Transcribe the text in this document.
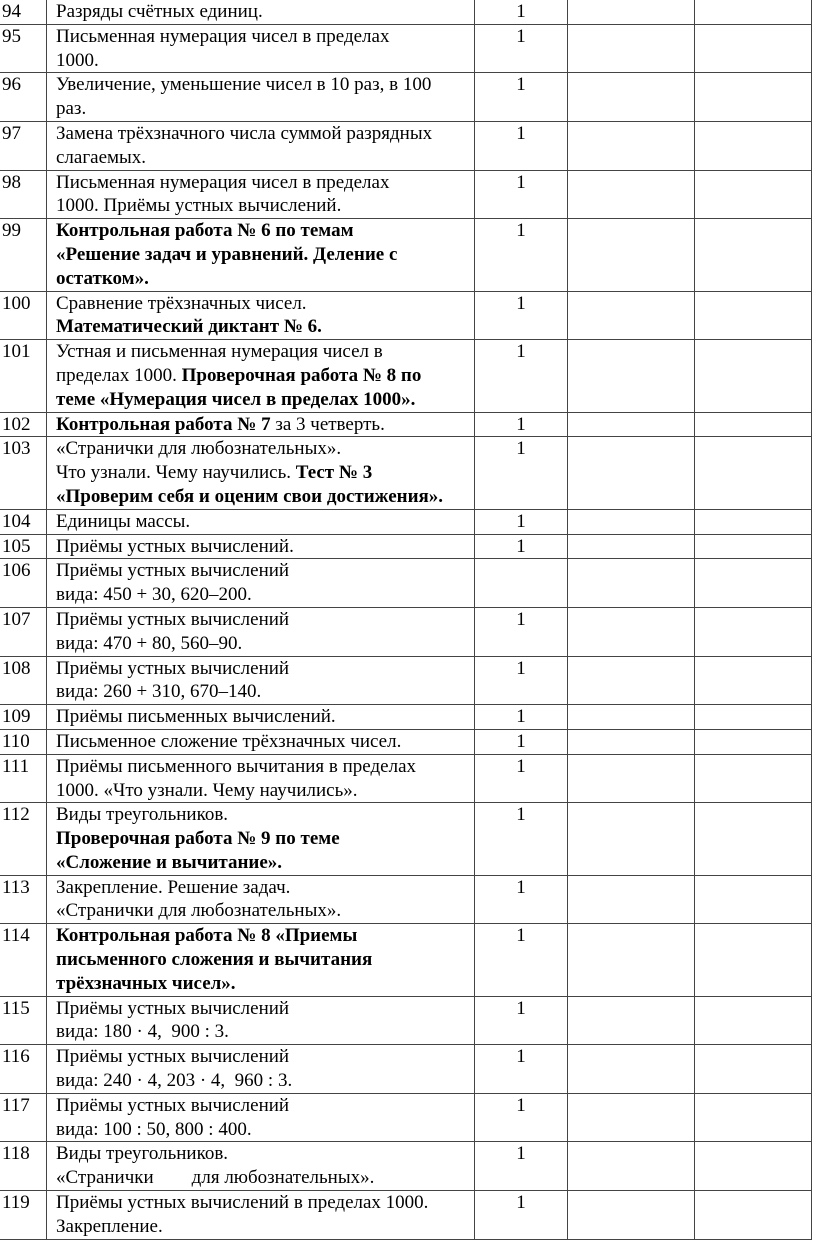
94	Разряды счётных единиц.	1		
95	Письменная нумерация чисел в пределах
1000.	1		
96	Увеличение, уменьшение чисел в 10 раз, в 100
раз.	1		
97	Замена трёхзначного числа суммой разрядных
слагаемых.	1		
98	Письменная нумерация чисел в пределах
1000. Приёмы устных вычислений.	1		
99	Контрольная работа № 6 по темам
«Решение задач и уравнений. Деление с
остатком».	1		
100	Сравнение трёхзначных чисел.
Математический диктант № 6.	1		
101	Устная и письменная нумерация чисел в
пределах 1000. Проверочная работа № 8 по
теме «Нумерация чисел в пределах 1000».	1		
102	Контрольная работа № 7 за 3 четверть.	1		
103	«Странички для любознательных».
Что узнали. Чему научились. Тест № 3
«Проверим себя и оценим свои достижения».	1		
104	Единицы массы.	1		
105	Приёмы устных вычислений.	1		
106	Приёмы устных вычислений
вида: 450 + 30, 620–200.			

107	Приёмы устных вычислений
вида: 470 + 80, 560–90.	1		
108	Приёмы устных вычислений
вида: 260 + 310, 670–140.	1		
109	Приёмы письменных вычислений.	1		
110	Письменное сложение трёхзначных чисел.	1		
111	Приёмы письменного вычитания в пределах
1000. «Что узнали. Чему научились».	1		
112	Виды треугольников.
Проверочная работа № 9 по теме
«Сложение и вычитание».	1		
113	Закрепление. Решение задач.
«Странички для любознательных».	1		
114	Контрольная работа № 8 «Приемы
письменного сложения и вычитания
трёхзначных чисел».	1		
115	Приёмы устных вычислений
вида: 180 · 4,  900 : 3.	1		
116	Приёмы устных вычислений
вида: 240 · 4, 203 · 4,  960 : 3.	1		
117	Приёмы устных вычислений
вида: 100 : 50, 800 : 400.	1		
118	Виды треугольников.
«Странички        для любознательных».	1		
119	Приёмы устных вычислений в пределах 1000.
Закрепление.	1		
